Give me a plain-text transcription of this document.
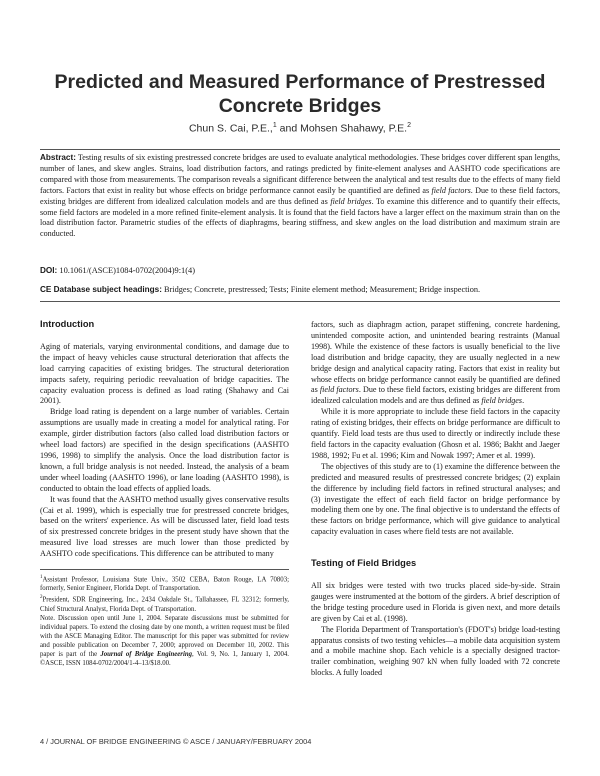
Predicted and Measured Performance of Prestressed Concrete Bridges
Chun S. Cai, P.E.,$^1$ and Mohsen Shahawy, P.E.$^2$
Abstract: Testing results of six existing prestressed concrete bridges are used to evaluate analytical methodologies. These bridges cover different span lengths, number of lanes, and skew angles. Strains, load distribution factors, and ratings predicted by finite-element analyses and AASHTO code specifications are compared with those from measurements. The comparison reveals a significant difference between the analytical and test results due to the effects of many field factors. Factors that exist in reality but whose effects on bridge performance cannot easily be quantified are defined as field factors. Due to these field factors, existing bridges are different from idealized calculation models and are thus defined as field bridges. To examine this difference and to quantify their effects, some field factors are modeled in a more refined finite-element analysis. It is found that the field factors have a larger effect on the maximum strain than on the load distribution factor. Parametric studies of the effects of diaphragms, bearing stiffness, and skew angles on the load distribution and maximum strain are conducted.
DOI: 10.1061/(ASCE)1084-0702(2004)9:1(4)
CE Database subject headings: Bridges; Concrete, prestressed; Tests; Finite element method; Measurement; Bridge inspection.
Introduction

Aging of materials, varying environmental conditions, and damage due to the impact of heavy vehicles cause structural deterioration that affects the load carrying capacities of existing bridges. The structural deterioration impacts safety, requiring periodic reevaluation of bridge capacities. The capacity evaluation process is defined as load rating (Shahawy and Cai 2001).

Bridge load rating is dependent on a large number of variables. Certain assumptions are usually made in creating a model for analytical rating. For example, girder distribution factors (also called load distribution factors or wheel load factors) are specified in the design specifications (AASHTO 1996, 1998) to simplify the analysis. Once the load distribution factor is known, a full bridge analysis is not needed. Instead, the analysis of a beam under wheel loading (AASHTO 1996), or lane loading (AASHTO 1998), is conducted to obtain the load effects of applied loads.

It was found that the AASHTO method usually gives conservative results (Cai et al. 1999), which is especially true for prestressed concrete bridges, based on the writers' experience. As will be discussed later, field load tests of six prestressed concrete bridges in the present study have shown that the measured live load stresses are much lower than those predicted by AASHTO code specifications. This difference can be attributed to many

$^1$Assistant Professor, Louisiana State Univ., 3502 CEBA, Baton Rouge, LA 70803; formerly, Senior Engineer, Florida Dept. of Transportation.

$^2$President, SDR Engineering, Inc., 2434 Oakdale St., Tallahassee, FL 32312; formerly, Chief Structural Analyst, Florida Dept. of Transportation.

Note. Discussion open until June 1, 2004. Separate discussions must be submitted for individual papers. To extend the closing date by one month, a written request must be filed with the ASCE Managing Editor. The manuscript for this paper was submitted for review and possible publication on December 7, 2000; approved on December 10, 2002. This paper is part of the Journal of Bridge Engineering, Vol. 9, No. 1, January 1, 2004. ©ASCE, ISSN 1084-0702/2004/1-4–13/$18.00.

factors, such as diaphragm action, parapet stiffening, concrete hardening, unintended composite action, and unintended bearing restraints (Manual 1998). While the existence of these factors is usually beneficial to the live load distribution and bridge capacity, they are usually neglected in a new bridge design and analytical capacity rating. Factors that exist in reality but whose effects on bridge performance cannot easily be quantified are defined as field factors. Due to these field factors, existing bridges are different from idealized calculation models and are thus defined as field bridges.

While it is more appropriate to include these field factors in the capacity rating of existing bridges, their effects on bridge performance are difficult to quantify. Field load tests are thus used to directly or indirectly include these field factors in the capacity evaluation (Ghosn et al. 1986; Bakht and Jaeger 1988, 1992; Fu et al. 1996; Kim and Nowak 1997; Amer et al. 1999).

The objectives of this study are to (1) examine the difference between the predicted and measured results of prestressed concrete bridges; (2) explain the difference by including field factors in refined structural analyses; and (3) investigate the effect of each field factor on bridge performance by modeling them one by one. The final objective is to understand the effects of these factors on bridge performance, which will give guidance to analytical capacity evaluation in cases where field tests are not available.

Testing of Field Bridges

All six bridges were tested with two trucks placed side-by-side. Strain gauges were instrumented at the bottom of the girders. A brief description of the bridge testing procedure used in Florida is given next, and more details are given by Cai et al. (1998).

The Florida Department of Transportation's (FDOT's) bridge load-testing apparatus consists of two testing vehicles—a mobile data acquisition system and a mobile machine shop. Each vehicle is a specially designed tractor-trailer combination, weighing 907 kN when fully loaded with 72 concrete blocks. A fully loaded

4 / JOURNAL OF BRIDGE ENGINEERING © ASCE / JANUARY/FEBRUARY 2004
